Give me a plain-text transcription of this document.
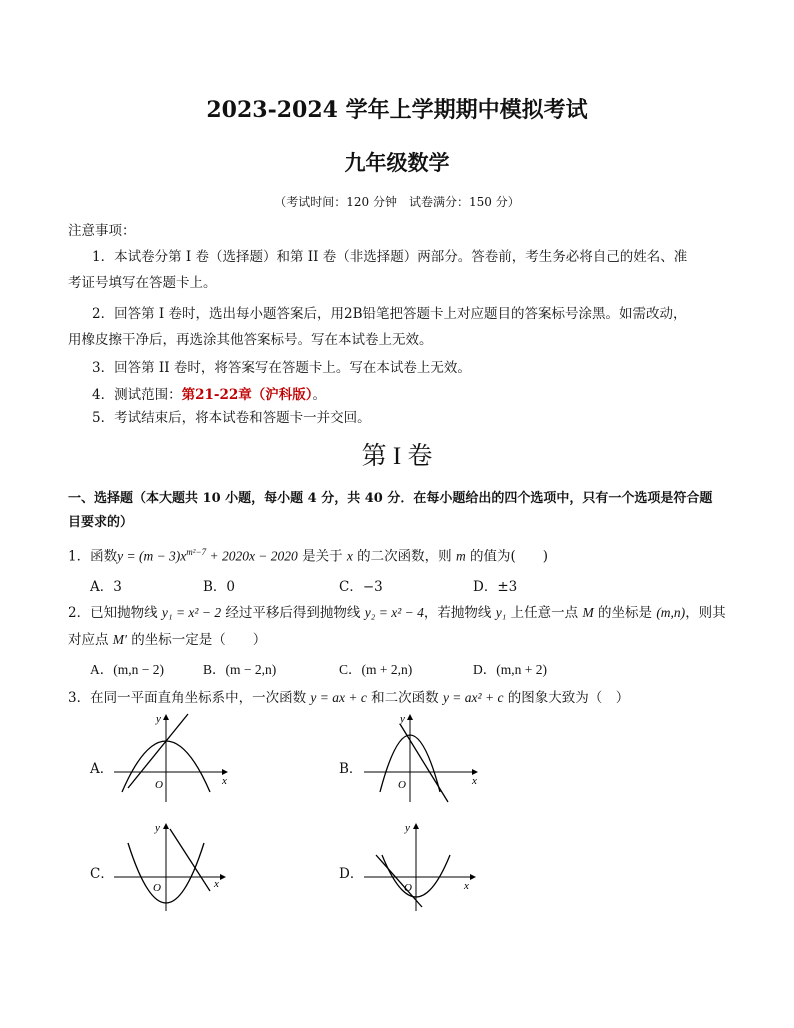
2023-2024 学年上学期期中模拟考试
九年级数学
（考试时间：120 分钟　试卷满分：150 分）
注意事项：
1．本试卷分第 I 卷（选择题）和第 II 卷（非选择题）两部分。答卷前，考生务必将自己的姓名、准
考证号填写在答题卡上。
2．回答第 I 卷时，选出每小题答案后，用2B铅笔把答题卡上对应题目的答案标号涂黑。如需改动，
用橡皮擦干净后，再选涂其他答案标号。写在本试卷上无效。
3．回答第 II 卷时，将答案写在答题卡上。写在本试卷上无效。
4．测试范围：第21-22章（沪科版）。
5．考试结束后，将本试卷和答题卡一并交回。
第 I 卷
一、选择题（本大题共 10 小题，每小题 4 分，共 40 分．在每小题给出的四个选项中，只有一个选项是符合题
目要求的）
1．函数$y = (m - 3)x^{m^2-7} + 2020x - 2020$ 是关于 x 的二次函数，则 m 的值为(　　)
A．3	B．0	C．−3	D．±3
2．已知抛物线 y₁ = x² − 2 经过平移后得到抛物线 y₂ = x² − 4，若抛物线 y₁ 上任意一点 M 的坐标是 (m,n)，则其
对应点 M′ 的坐标一定是（　　）
A．(m,n − 2)	B．(m − 2,n)	C．(m + 2,n)	D．(m,n + 2)
3．在同一平面直角坐标系中，一次函数 y = ax + c 和二次函数 y = ax² + c 的图象大致为（　）
A．	B．
C．	D．
O	x
y
O	x
y
O	x
y
O	x
y
